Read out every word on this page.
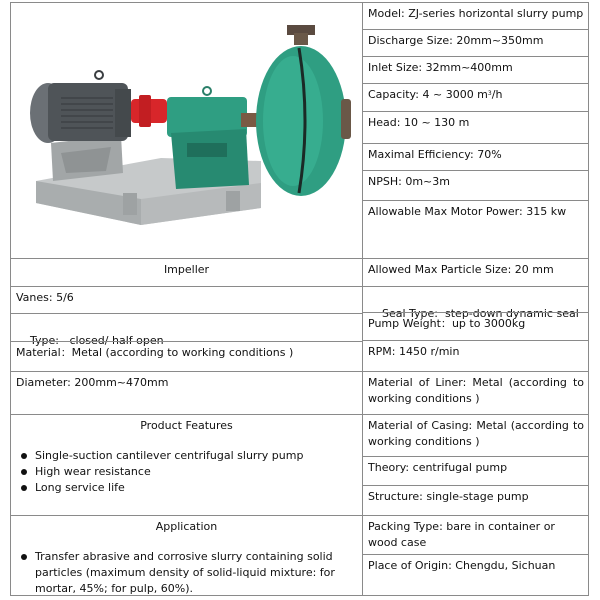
Model: ZJ-series horizontal slurry pump
Discharge Size: 20mm~350mm
Inlet Size: 32mm~400mm
Capacity: 4 ~ 3000 $m^3/h$
Head: 10 ~ 130 m
Maximal Efficiency: 70%
NPSH: 0m~3m
Allowable Max Motor Power: 315 kw
Allowed Max Particle Size: 20 mm

Seal Type:  step-down dynamic seal

Pump Weight：up to 3000kg
RPM: 1450 r/min
Material of Liner: Metal (according to working conditions )
Material of Casing: Metal (according to working conditions )
Theory: centrifugal pump
Structure: single-stage pump
Packing Type: bare in container or wood case
Place of Origin: Chengdu, Sichuan
Impeller
Vanes: 5/6

Type:   closed/ half open

Material：Metal (according to working conditions )
Diameter: 200mm~470mm
Product Features
Single-suction cantilever centrifugal slurry pump
High wear resistance
Long service life
Application
Transfer abrasive and corrosive slurry containing solid particles (maximum density of solid-liquid mixture: for mortar, 45%; for pulp, 60%).
